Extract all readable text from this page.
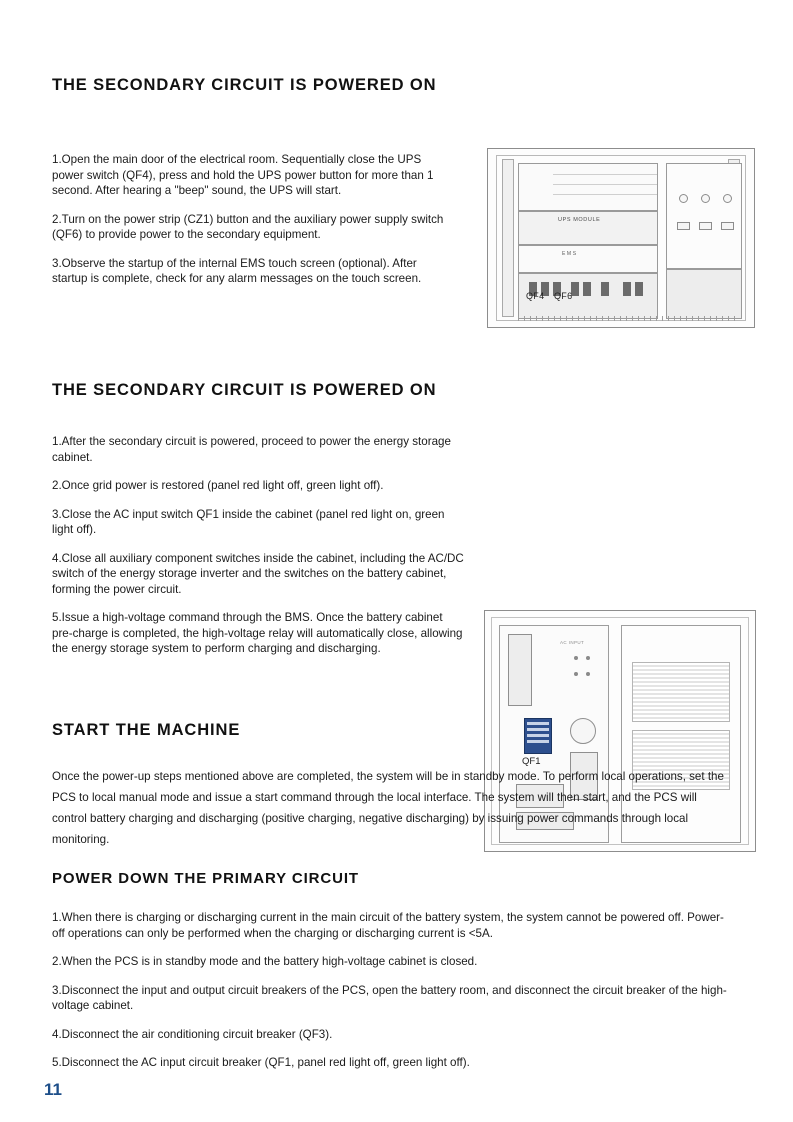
THE SECONDARY CIRCUIT IS POWERED ON

1.Open the main door of the electrical room. Sequentially close the UPS power switch (QF4), press and hold the UPS power button for more than 1 second. After hearing a "beep" sound, the UPS will start.

2.Turn on the power strip (CZ1) button and the auxiliary power supply switch (QF6) to provide power to the secondary equipment.

3.Observe the startup of the internal EMS touch screen (optional). After startup is complete, check for any alarm messages on the touch screen.

UPS MODULE
EMS
QF4 QF6
THE SECONDARY CIRCUIT IS POWERED ON

1.After the secondary circuit is powered, proceed to power the energy storage cabinet.

2.Once grid power is restored (panel red light off, green light off).

3.Close the AC input switch QF1 inside the cabinet (panel red light on, green light off).

4.Close all auxiliary component switches inside the cabinet, including the AC/DC switch of the energy storage inverter and the switches on the battery cabinet, forming the power circuit.

5.Issue a high-voltage command through the BMS. Once the battery cabinet pre-charge is completed, the high-voltage relay will automatically close, allowing the energy storage system to perform charging and discharging.

QF1
AC INPUT
START THE MACHINE

Once the power-up steps mentioned above are completed, the system will be in standby mode. To perform local operations, set the PCS to local manual mode and issue a start command through the local interface. The system will then start, and the PCS will control battery charging and discharging (positive charging, negative discharging) by issuing power commands through local monitoring.

POWER DOWN THE PRIMARY CIRCUIT

1.When there is charging or discharging current in the main circuit of the battery system, the system cannot be powered off. Power-off operations can only be performed when the charging or discharging current is <5A.

2.When the PCS is in standby mode and the battery high-voltage cabinet is closed.

3.Disconnect the input and output circuit breakers of the PCS, open the battery room, and disconnect the circuit breaker of the high-voltage cabinet.

4.Disconnect the air conditioning circuit breaker (QF3).

5.Disconnect the AC input circuit breaker (QF1, panel red light off, green light off).

11
